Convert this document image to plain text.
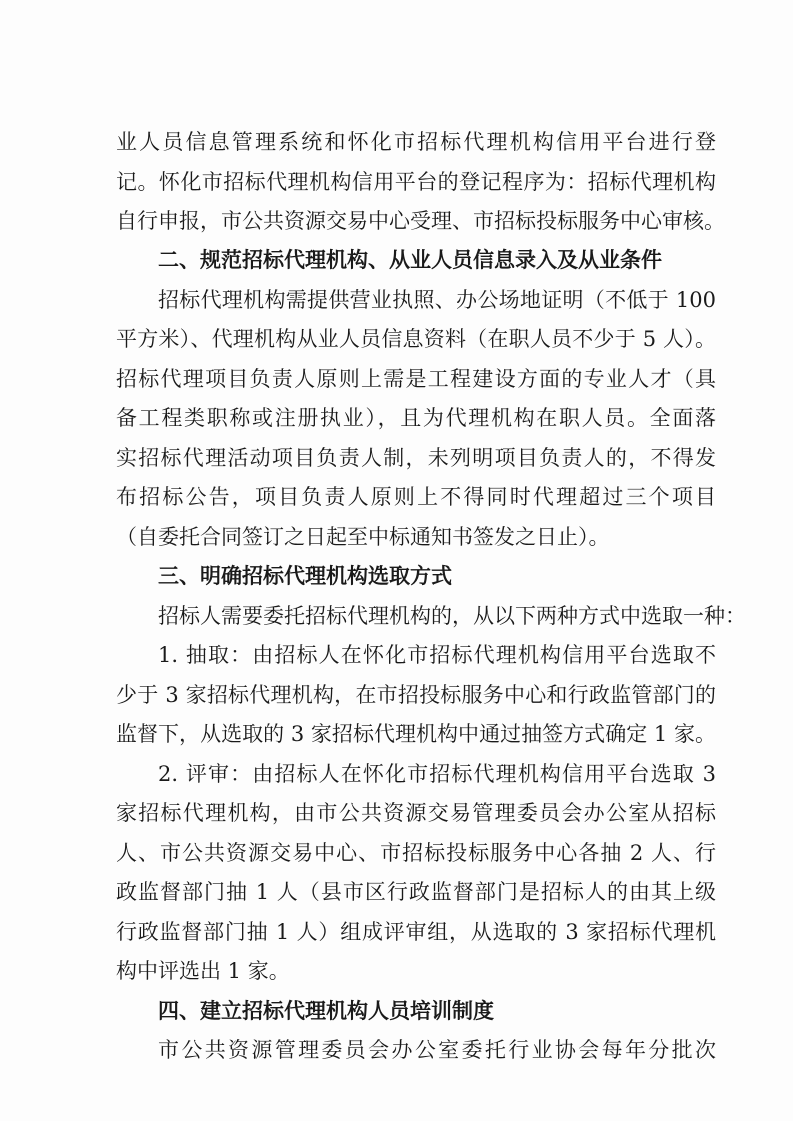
业人员信息管理系统和怀化市招标代理机构信用平台进行登
记。怀化市招标代理机构信用平台的登记程序为：招标代理机构
自行申报，市公共资源交易中心受理、市招标投标服务中心审核。
二、规范招标代理机构、从业人员信息录入及从业条件
招标代理机构需提供营业执照、办公场地证明（不低于 100
平方米）、代理机构从业人员信息资料（在职人员不少于 5 人）。
招标代理项目负责人原则上需是工程建设方面的专业人才（具
备工程类职称或注册执业），且为代理机构在职人员。全面落
实招标代理活动项目负责人制，未列明项目负责人的，不得发
布招标公告，项目负责人原则上不得同时代理超过三个项目
（自委托合同签订之日起至中标通知书签发之日止）。
三、明确招标代理机构选取方式
招标人需要委托招标代理机构的，从以下两种方式中选取一种：
1. 抽取：由招标人在怀化市招标代理机构信用平台选取不
少于 3 家招标代理机构，在市招投标服务中心和行政监管部门的
监督下，从选取的 3 家招标代理机构中通过抽签方式确定 1 家。
2. 评审：由招标人在怀化市招标代理机构信用平台选取 3
家招标代理机构，由市公共资源交易管理委员会办公室从招标
人、市公共资源交易中心、市招标投标服务中心各抽 2 人、行
政监督部门抽 1 人（县市区行政监督部门是招标人的由其上级
行政监督部门抽 1 人）组成评审组，从选取的 3 家招标代理机
构中评选出 1 家。
四、建立招标代理机构人员培训制度
市公共资源管理委员会办公室委托行业协会每年分批次
